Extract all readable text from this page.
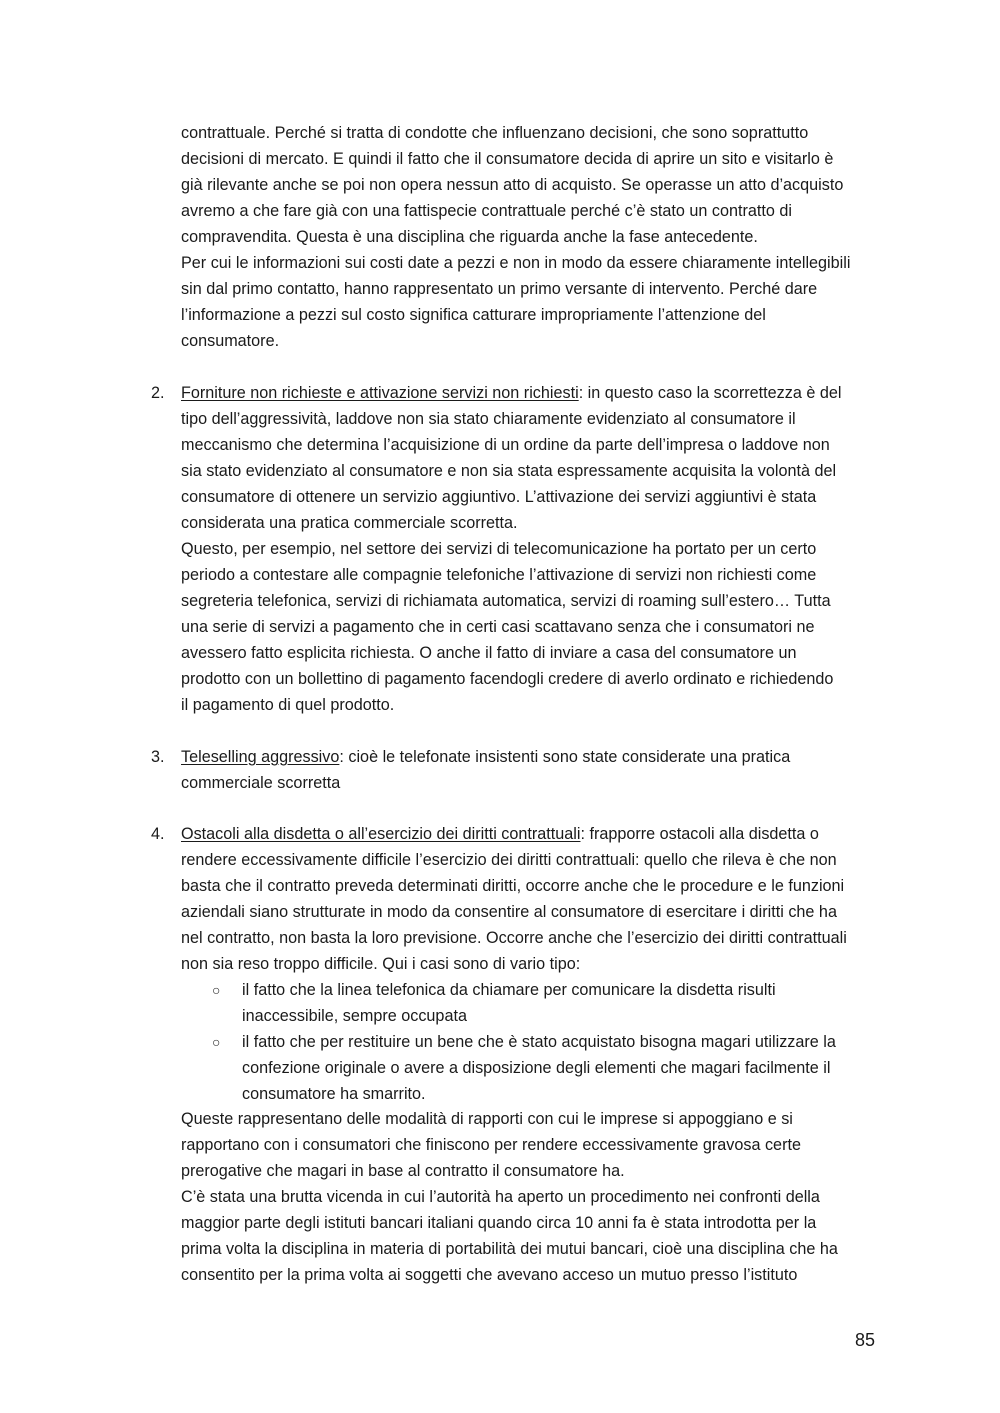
contrattuale. Perché si tratta di condotte che influenzano decisioni, che sono soprattutto
decisioni di mercato. E quindi il fatto che il consumatore decida di aprire un sito e visitarlo è
già rilevante anche se poi non opera nessun atto di acquisto. Se operasse un atto d’acquisto
avremo a che fare già con una fattispecie contrattuale perché c’è stato un contratto di
compravendita. Questa è una disciplina che riguarda anche la fase antecedente.
Per cui le informazioni sui costi date a pezzi e non in modo da essere chiaramente intellegibili
sin dal primo contatto, hanno rappresentato un primo versante di intervento. Perché dare
l’informazione a pezzi sul costo significa catturare impropriamente l’attenzione del
consumatore.
2. Forniture non richieste e attivazione servizi non richiesti: in questo caso la scorrettezza è del
tipo dell’aggressività, laddove non sia stato chiaramente evidenziato al consumatore il
meccanismo che determina l’acquisizione di un ordine da parte dell’impresa o laddove non
sia stato evidenziato al consumatore e non sia stata espressamente acquisita la volontà del
consumatore di ottenere un servizio aggiuntivo. L’attivazione dei servizi aggiuntivi è stata
considerata una pratica commerciale scorretta.
Questo, per esempio, nel settore dei servizi di telecomunicazione ha portato per un certo
periodo a contestare alle compagnie telefoniche l’attivazione di servizi non richiesti come
segreteria telefonica, servizi di richiamata automatica, servizi di roaming sull’estero… Tutta
una serie di servizi a pagamento che in certi casi scattavano senza che i consumatori ne
avessero fatto esplicita richiesta. O anche il fatto di inviare a casa del consumatore un
prodotto con un bollettino di pagamento facendogli credere di averlo ordinato e richiedendo
il pagamento di quel prodotto.
3. Teleselling aggressivo: cioè le telefonate insistenti sono state considerate una pratica
commerciale scorretta
4. Ostacoli alla disdetta o all’esercizio dei diritti contrattuali: frapporre ostacoli alla disdetta o
rendere eccessivamente difficile l’esercizio dei diritti contrattuali: quello che rileva è che non
basta che il contratto preveda determinati diritti, occorre anche che le procedure e le funzioni
aziendali siano strutturate in modo da consentire al consumatore di esercitare i diritti che ha
nel contratto, non basta la loro previsione. Occorre anche che l’esercizio dei diritti contrattuali
non sia reso troppo difficile. Qui i casi sono di vario tipo:
○ il fatto che la linea telefonica da chiamare per comunicare la disdetta risulti
inaccessibile, sempre occupata
○ il fatto che per restituire un bene che è stato acquistato bisogna magari utilizzare la
confezione originale o avere a disposizione degli elementi che magari facilmente il
consumatore ha smarrito.
Queste rappresentano delle modalità di rapporti con cui le imprese si appoggiano e si
rapportano con i consumatori che finiscono per rendere eccessivamente gravosa certe
prerogative che magari in base al contratto il consumatore ha.
C’è stata una brutta vicenda in cui l’autorità ha aperto un procedimento nei confronti della
maggior parte degli istituti bancari italiani quando circa 10 anni fa è stata introdotta per la
prima volta la disciplina in materia di portabilità dei mutui bancari, cioè una disciplina che ha
consentito per la prima volta ai soggetti che avevano acceso un mutuo presso l’istituto
85
